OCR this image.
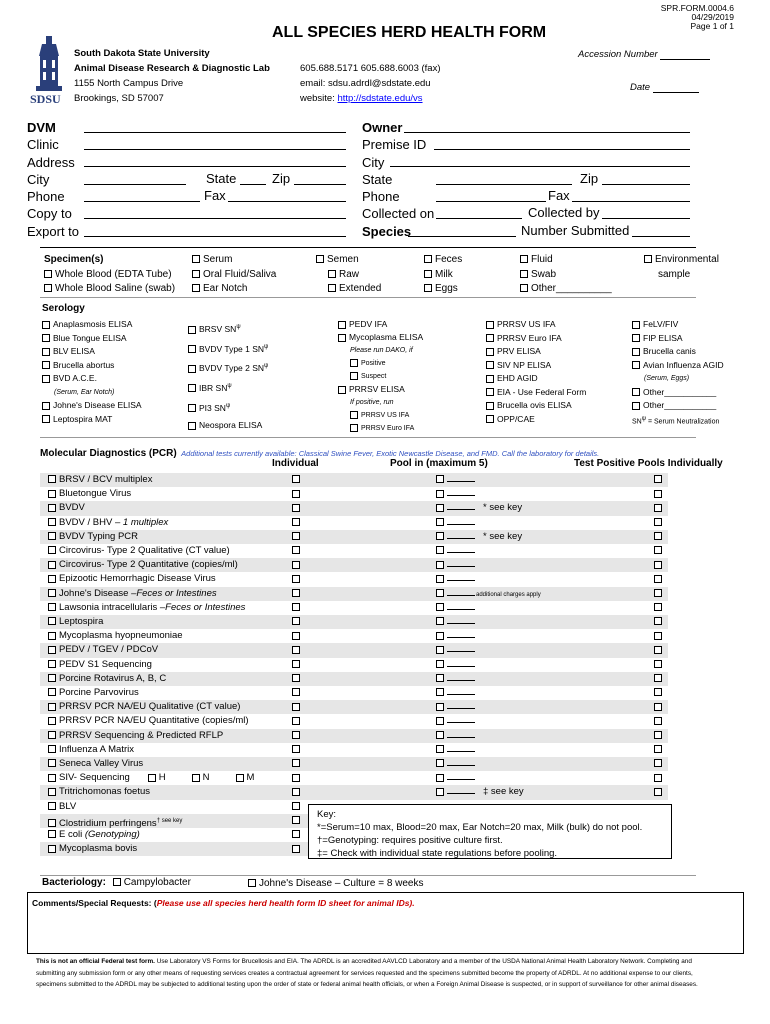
SPR.FORM.0004.6
04/29/2019
Page 1 of 1
ALL SPECIES HERD HEALTH FORM
SDSU
South Dakota State University
Animal Disease Research & Diagnostic Lab
1155 North Campus Drive
Brookings, SD 57007
605.688.5171 605.688.6003 (fax)
email: sdsu.adrdl@sdstate.edu
website: http://sdstate.edu/vs
Accession Number
Date
DVM
Clinic
Address
City
Phone
Copy to
Export to
State	Zip
Fax
Owner
Premise ID
City
State
Phone
Collected on
Species
Zip
Fax
Collected by
Number Submitted
Specimen(s)
Whole Blood (EDTA Tube)
Whole Blood Saline (swab)
Serum
Oral Fluid/Saliva
Ear Notch
Semen
Raw
Extended
Feces
Milk
Eggs
Fluid
Swab
Other__________
Environmental
sample
Serology
Anaplasmosis ELISA
Blue Tongue ELISA
BLV ELISA
Brucella abortus
BVD A.C.E.
(Serum, Ear Notch)
Johne's Disease ELISA
Leptospira MAT
BRSV $SN^\psi$
BVDV Type 1 $SN^\psi$
BVDV Type 2 $SN^\psi$
IBR $SN^\psi$
PI3 $SN^\psi$
Neospora ELISA
PEDV IFA
Mycoplasma ELISA
Please run DAKO, if
Positive
Suspect
PRRSV ELISA
If positive, run
PRRSV US IFA
PRRSV Euro IFA
PRRSV US IFA
PRRSV Euro IFA
PRV ELISA
SIV NP ELISA
EHD AGID
EIA - Use Federal Form
Brucella ovis ELISA
OPP/CAE
FeLV/FIV
FIP ELISA
Brucella canis
Avian Influenza AGID
(Serum, Eggs)
Other___________
Other___________
SNψ = Serum Neutralization
Molecular Diagnostics (PCR) Additional tests currently available: Classical Swine Fever, Exotic Newcastle Disease, and FMD. Call the laboratory for details.
Individual	Pool in (maximum 5)	Test Positive Pools Individually
BRSV / BCV multiplex
Bluetongue Virus
BVDV	* see key
BVDV / BHV – 1 multiplex
BVDV Typing PCR	* see key
Circovirus- Type 2 Qualitative (CT value)
Circovirus- Type 2 Quantitative (copies/ml)
Epizootic Hemorrhagic Disease Virus
Johne's Disease –Feces or Intestines	additional charges apply
Lawsonia intracellularis –Feces or Intestines
Leptospira
Mycoplasma hyopneumoniae
PEDV / TGEV / PDCoV
PEDV S1 Sequencing
Porcine Rotavirus A, B, C
Porcine Parvovirus
PRRSV PCR NA/EU Qualitative (CT value)
PRRSV PCR NA/EU Quantitative (copies/ml)
PRRSV Sequencing & Predicted RFLP
Influenza A Matrix
Seneca Valley Virus
SIV- Sequencing	H	N	M
Tritrichomonas foetus	‡ see key
BLV
Clostridium perfringens$^{\dagger see key}$
E coli (Genotyping)
Mycoplasma bovis
Key:
*=Serum=10 max, Blood=20 max, Ear Notch=20 max, Milk (bulk) do not pool.
†=Genotyping: requires positive culture first.
‡= Check with individual state regulations before pooling.
Bacteriology: Campylobacter	Johne's Disease – Culture = 8 weeks
Comments/Special Requests: (Please use all species herd health form ID sheet for animal IDs).
This is not an official Federal test form. Use Laboratory VS Forms for Brucellosis and EIA. The ADRDL is an accredited AAVLCD Laboratory and a member of the USDA National Animal Health Laboratory Network. Completing and
submitting any submission form or any other means of requesting services creates a contractual agreement for services requested and the specimens submitted become the property of ADRDL. At no additional expense to our clients,
specimens submitted to the ADRDL may be subjected to additional testing upon the order of state or federal animal health officials, or when a Foreign Animal Disease is suspected, or in support of surveillance for other animal diseases.
